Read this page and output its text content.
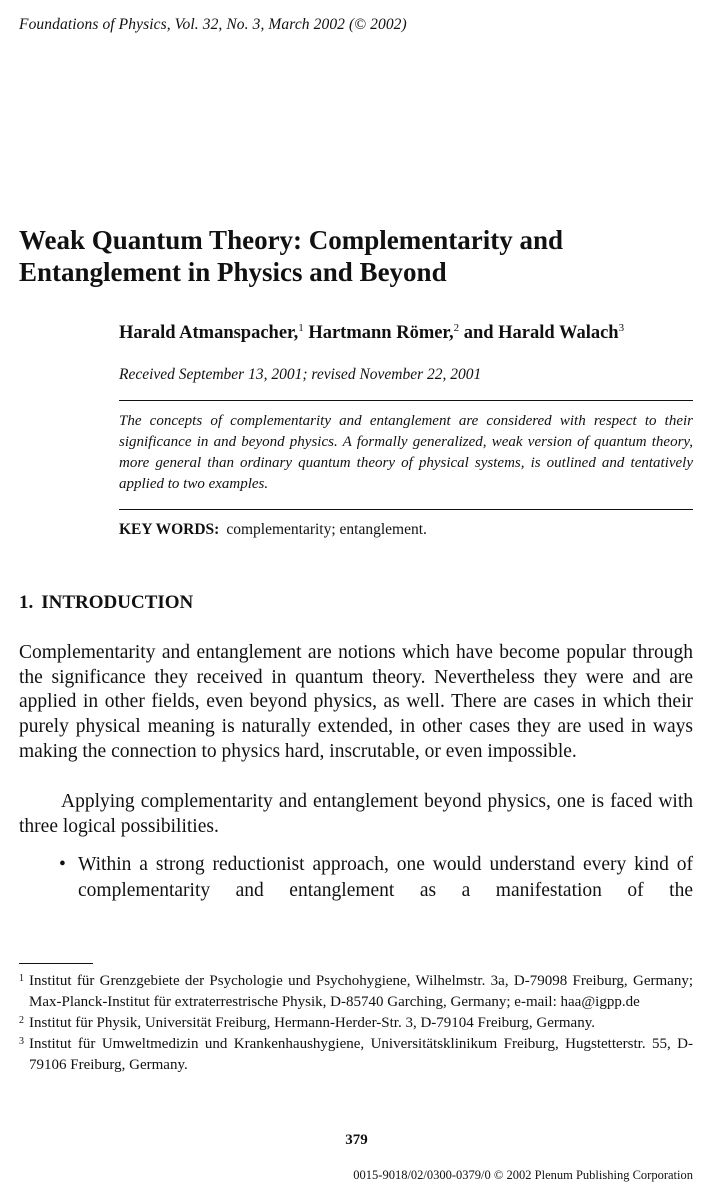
Foundations of Physics, Vol. 32, No. 3, March 2002 (© 2002)
Weak Quantum Theory: Complementarity and Entanglement in Physics and Beyond
Harald Atmanspacher,$^1$ Hartmann Römer,$^2$ and Harald Walach$^3$
Received September 13, 2001; revised November 22, 2001
The concepts of complementarity and entanglement are considered with respect to their significance in and beyond physics. A formally generalized, weak version of quantum theory, more general than ordinary quantum theory of physical systems, is outlined and tentatively applied to two examples.
KEY WORDS: complementarity; entanglement.
1. INTRODUCTION

Complementarity and entanglement are notions which have become popular through the significance they received in quantum theory. Nevertheless they were and are applied in other fields, even beyond physics, as well. There are cases in which their purely physical meaning is naturally extended, in other cases they are used in ways making the connection to physics hard, inscrutable, or even impossible.

Applying complementarity and entanglement beyond physics, one is faced with three logical possibilities.

• Within a strong reductionist approach, one would understand every kind of complementarity and entanglement as a manifestation of the
1 Institut für Grenzgebiete der Psychologie und Psychohygiene, Wilhelmstr. 3a, D-79098 Freiburg, Germany; Max-Planck-Institut für extraterrestrische Physik, D-85740 Garching, Germany; e-mail: haa@igpp.de
2 Institut für Physik, Universität Freiburg, Hermann-Herder-Str. 3, D-79104 Freiburg, Germany.
3 Institut für Umweltmedizin und Krankenhaushygiene, Universitätsklinikum Freiburg, Hugstetterstr. 55, D-79106 Freiburg, Germany.
379
0015-9018/02/0300-0379/0 © 2002 Plenum Publishing Corporation
